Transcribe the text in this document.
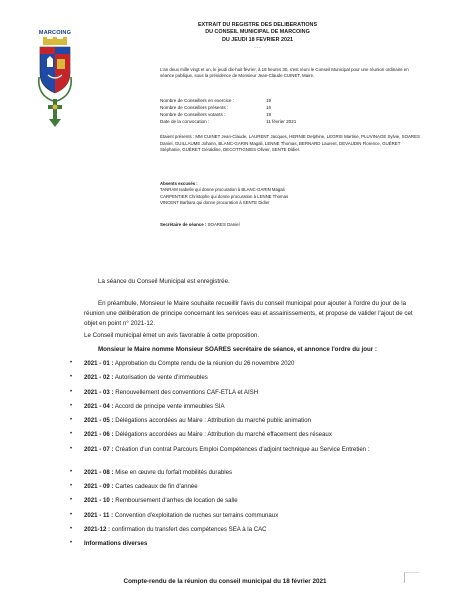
MARCOING
EXTRAIT DU REGISTRE DES DELIBERATIONS
DU CONSEIL MUNICIPAL DE MARCOING
DU JEUDI 18 FEVRIER 2021
- - -
L'an deux mille vingt et un, le jeudi dix-huit février, à 18 heures 30, s'est réuni le Conseil Municipal pour une réunion ordinaire en séance publique, sous la présidence de Monsieur Jean-Claude CUINET, Maire.
Nombre de Conseillers en exercice :	19
Nombre de Conseillers présents :	15
Nombre de Conseillers votants :	19
Date de la convocation :	11 février 2021
Étaient présents : MM CUINET Jean-Claude, LAURENT Jacques, HERNIE Delphine, LEGRIS Martine, PLUVINAGE Sylvie, SOARES Daniel, GUILLAUME Johann, BLANC-GARIN Magali, LENNE Thomas, BERNARD Laurent, DEVAUDIN Florence, GUÉRET Stéphanie, GUÉRET Géraldine, DECOTTIGNIES Olivier, SENTE Didier.
Absents excusés :
TANRAM Isabelle qui donne procuration à BLANC-GARIN Magali
CARPENTIER Christophe qui donne procuration à LENNE Thomas
VINCENT Barbara qui donne procuration à SENTE Didier
Secrétaire de séance : SOARES Daniel
La séance du Conseil Municipal est enregistrée.
En préambule, Monsieur le Maire souhaite recueillir l'avis du conseil municipal pour ajouter à l'ordre du jour de la réunion une délibération de principe concernant les services eau et assainissements, et propose de valider l'ajout de cet objet en point n° 2021-12.
Le Conseil municipal émet un avis favorable à cette proposition.
Monsieur le Maire nomme Monsieur SOARES secrétaire de séance, et annonce l'ordre du jour :
•	2021 - 01 : Approbation du Compte rendu de la réunion du 26 novembre 2020
•	2021 - 02 : Autorisation de vente d'immeubles
•	2021 - 03 : Renouvellement des conventions CAF-ETLA et AISH
•	2021 - 04 : Accord de principe vente immeubles SIA
•	2021 - 05 : Délégations accordées au Maire : Attribution du marché public animation
•	2021 - 06 : Délégations accordées au Maire : Attribution du marché effacement des réseaux
•	2021 - 07 : Création d'un contrat Parcours Emploi Compétences d'adjoint technique au Service Entretien :
•	2021 - 08 : Mise en œuvre du forfait mobilités durables
•	2021 - 09 : Cartes cadeaux de fin d'année
•	2021 - 10 : Remboursement d'arrhes de location de salle
•	2021 - 11 : Convention d'exploitation de ruches sur terrains communaux
•	2021-12 : confirmation du transfert des compétences SEA à la CAC
•	Informations diverses
Compte-rendu de la réunion du conseil municipal du 18 février 2021
